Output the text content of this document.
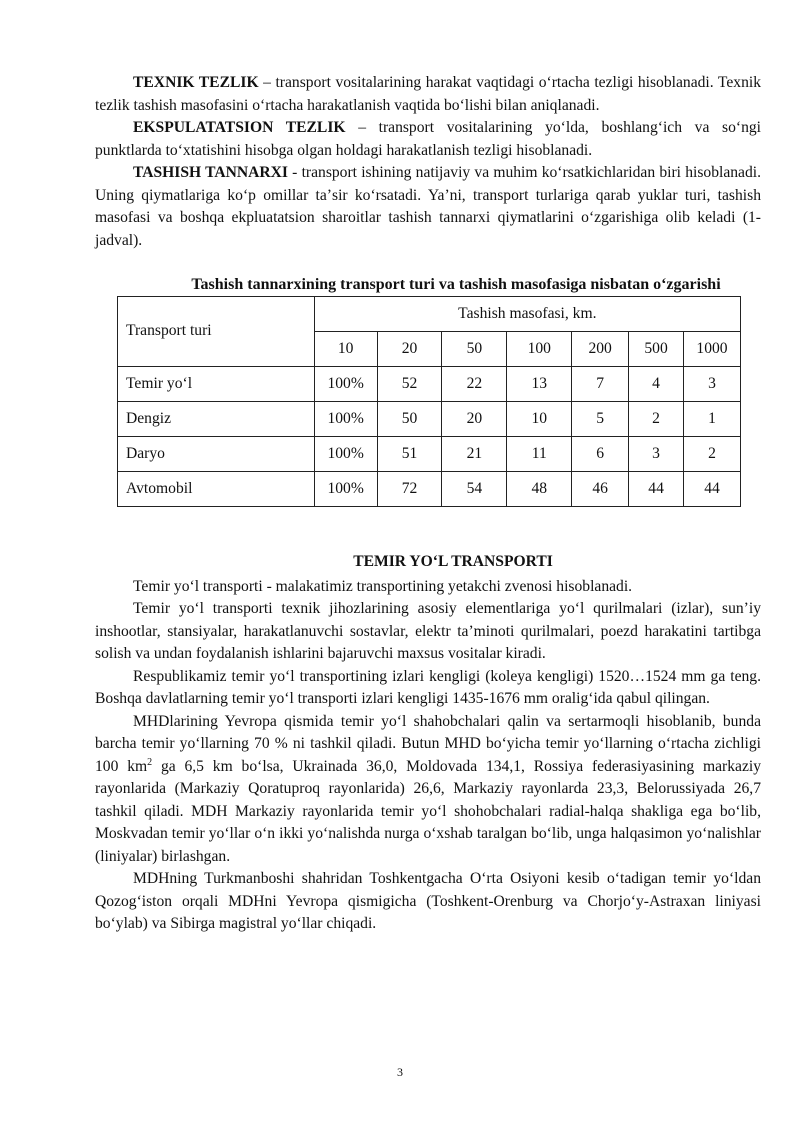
TEXNIK TEZLIK – transport vositalarining harakat vaqtidagi oʻrtacha tezligi hisoblanadi. Texnik tezlik tashish masofasini oʻrtacha harakatlanish vaqtida boʻlishi bilan aniqlanadi.

EKSPULATATSION TEZLIK – transport vositalarining yoʻlda, boshlangʻich va soʻngi punktlarda toʻxtatishini hisobga olgan holdagi harakatlanish tezligi hisoblanadi.

TASHISH TANNARXI - transport ishining natijaviy va muhim koʻrsatkichlaridan biri hisoblanadi. Uning qiymatlariga koʻp omillar taʼsir koʻrsatadi. Yaʼni, transport turlariga qarab yuklar turi, tashish masofasi va boshqa ekpluatatsion sharoitlar tashish tannarxi qiymatlarini oʻzgarishiga olib keladi (1-jadval).

Tashish tannarxining transport turi va tashish masofasiga nisbatan oʻzgarishi

Transport turi	Tashish masofasi, km.						
	10	20	50	100	200	500	1000
Temir yoʻl	100%	52	22	13	7	4	3
Dengiz	100%	50	20	10	5	2	1
Daryo	100%	51	21	11	6	3	2
Avtomobil	100%	72	54	48	46	44	44

TEMIR YOʻL TRANSPORTI

Temir yoʻl transporti - malakatimiz transportining yetakchi zvenosi hisoblanadi.

Temir yoʻl transporti texnik jihozlarining asosiy elementlariga yoʻl qurilmalari (izlar), sunʼiy inshootlar, stansiyalar, harakatlanuvchi sostavlar, elektr taʼminoti qurilmalari, poezd harakatini tartibga solish va undan foydalanish ishlarini bajaruvchi maxsus vositalar kiradi.

Respublikamiz temir yoʻl transportining izlari kengligi (koleya kengligi) 1520…1524 mm ga teng. Boshqa davlatlarning temir yoʻl transporti izlari kengligi 1435-1676 mm oraligʻida qabul qilingan.

MHDlarining Yevropa qismida temir yoʻl shahobchalari qalin va sertarmoqli hisoblanib, bunda barcha temir yoʻllarning 70 % ni tashkil qiladi. Butun MHD boʻyicha temir yoʻllarning oʻrtacha zichligi 100 $km^2$ ga 6,5 km boʻlsa, Ukrainada 36,0, Moldovada 134,1, Rossiya federasiyasining markaziy rayonlarida (Markaziy Qoratuproq rayonlarida) 26,6, Markaziy rayonlarda 23,3, Belorussiyada 26,7 tashkil qiladi. MDH Markaziy rayonlarida temir yoʻl shohobchalari radial-halqa shakliga ega boʻlib, Moskvadan temir yoʻllar oʻn ikki yoʻnalishda nurga oʻxshab taralgan boʻlib, unga halqasimon yoʻnalishlar (liniyalar) birlashgan.

MDHning Turkmanboshi shahridan Toshkentgacha Oʻrta Osiyoni kesib oʻtadigan temir yoʻldan Qozogʻiston orqali MDHni Yevropa qismigicha (Toshkent-Orenburg va Chorjoʻy-Astraxan liniyasi boʻylab) va Sibirga magistral yoʻllar chiqadi.

3
